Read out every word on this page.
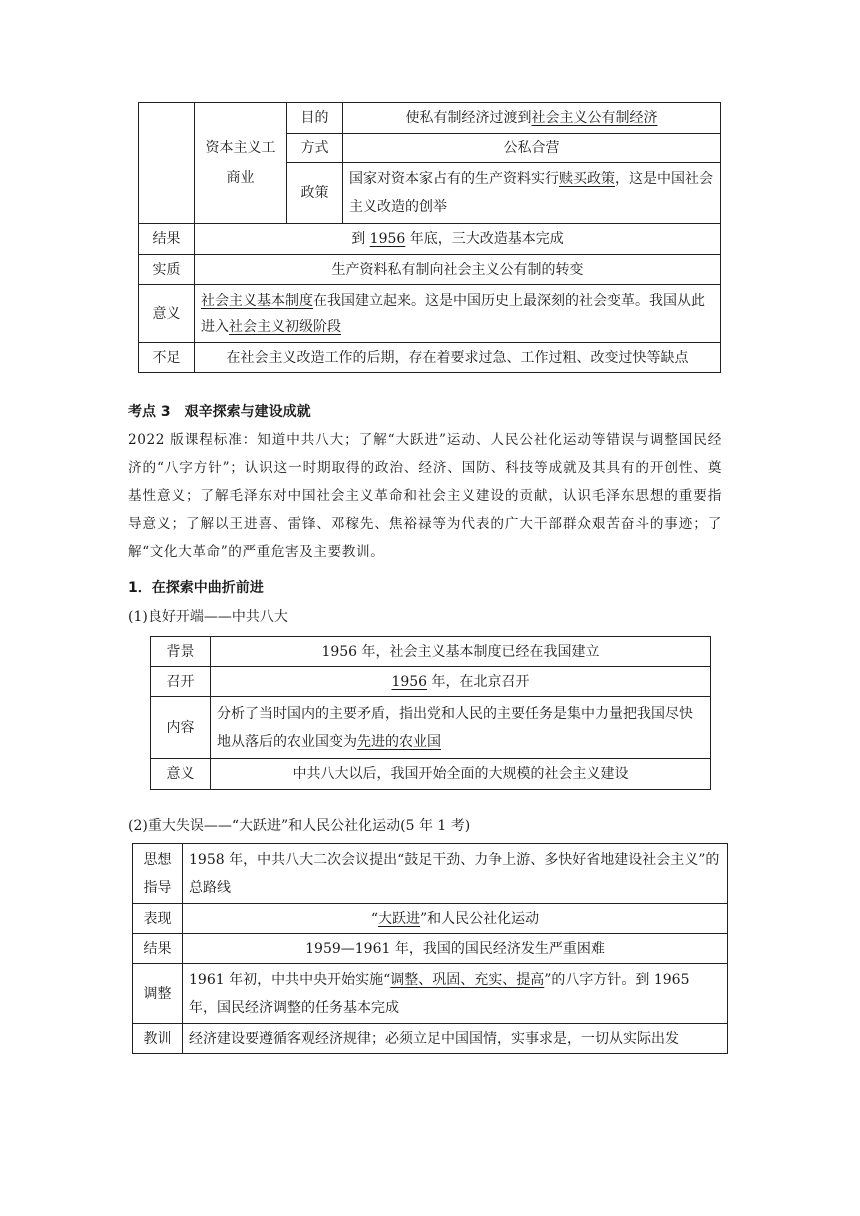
	资本主义工商业	目的	使私有制经济过渡到社会主义公有制经济
		方式	公私合营
		政策	国家对资本家占有的生产资料实行赎买政策，这是中国社会主义改造的创举
结果	到 1956 年底，三大改造基本完成		
实质	生产资料私有制向社会主义公有制的转变		
意义	社会主义基本制度在我国建立起来。这是中国历史上最深刻的社会变革。我国从此进入社会主义初级阶段		
不足	在社会主义改造工作的后期，存在着要求过急、工作过粗、改变过快等缺点		
考点 3　艰辛探索与建设成就
2022 版课程标准：知道中共八大；了解“大跃进”运动、人民公社化运动等错误与调整国民经济的“八字方针”；认识这一时期取得的政治、经济、国防、科技等成就及其具有的开创性、奠基性意义；了解毛泽东对中国社会主义革命和社会主义建设的贡献，认识毛泽东思想的重要指导意义；了解以王进喜、雷锋、邓稼先、焦裕禄等为代表的广大干部群众艰苦奋斗的事迹；了解“文化大革命”的严重危害及主要教训。
1．在探索中曲折前进
(1)良好开端——中共八大
背景	1956 年，社会主义基本制度已经在我国建立
召开	1956 年，在北京召开
内容	分析了当时国内的主要矛盾，指出党和人民的主要任务是集中力量把我国尽快地从落后的农业国变为先进的农业国
意义	中共八大以后，我国开始全面的大规模的社会主义建设
(2)重大失误——“大跃进”和人民公社化运动(5 年 1 考)
思想指导	1958 年，中共八大二次会议提出“鼓足干劲、力争上游、多快好省地建设社会主义”的总路线
表现	“大跃进”和人民公社化运动
结果	1959—1961 年，我国的国民经济发生严重困难
调整	1961 年初，中共中央开始实施“调整、巩固、充实、提高”的八字方针。到 1965 年，国民经济调整的任务基本完成
教训	经济建设要遵循客观经济规律；必须立足中国国情，实事求是，一切从实际出发
